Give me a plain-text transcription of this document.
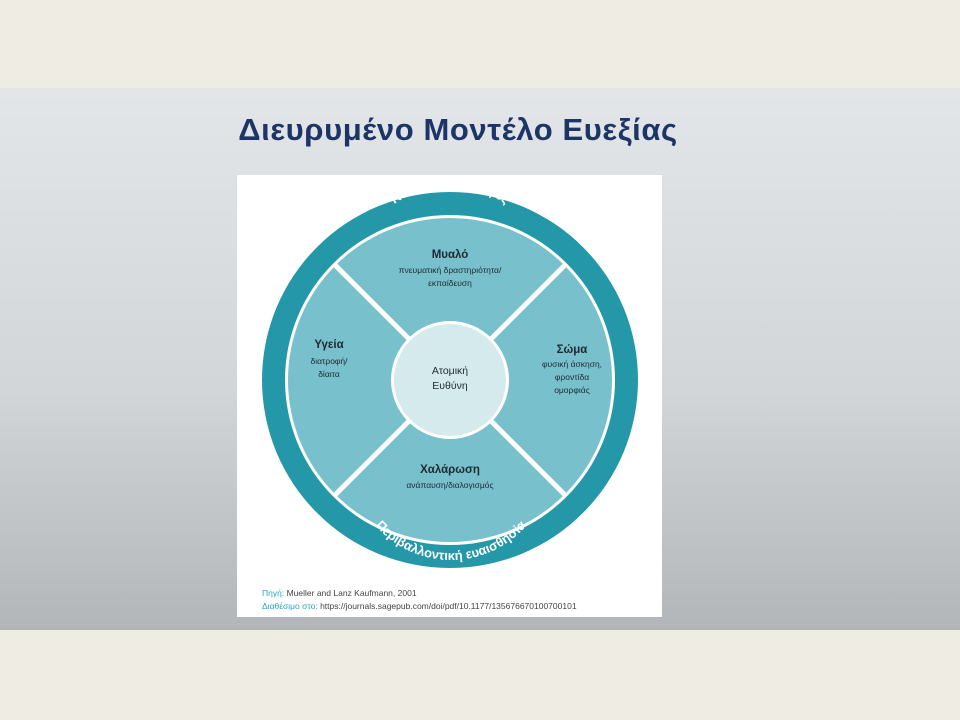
Διευρυμένο Μοντέλο Ευεξίας
Κοινωνικές επαφές
Περιβαλλοντική ευαισθησία
Μυαλό
πνευματική δραστηριότητα/
εκπαίδευση
Σώμα
φυσική άσκηση,
φροντίδα
ομορφιάς
Χαλάρωση
ανάπαυση/διαλογισμός
Υγεία
διατροφή/
δίαιτα	Ατομική
Ευθύνη
Πηγή: Mueller and Lanz Kaufmann, 2001
Διαθέσιμο στο: https://journals.sagepub.com/doi/pdf/10.1177/135676670100700101
